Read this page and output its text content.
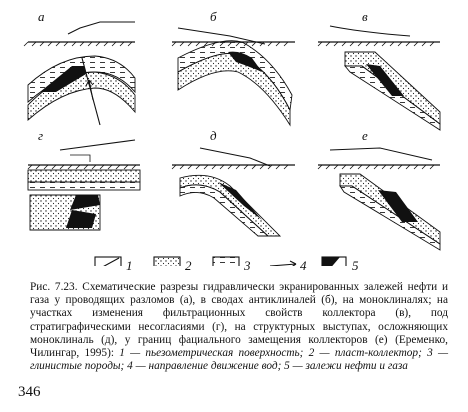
а	б	в
г	д	е
1	2	3	4	5
Рис. 7.23. Схематические разрезы гидравлически экранированных залежей нефти и газа у проводящих разломов (а), в сводах антиклиналей (б), на моноклиналях; на участках изменения фильтрационных свойств коллектора (в), под стратиграфическими несогласиями (г), на структурных выступах, осложняющих моноклиналь (д), у границ фациального замещения коллекторов (е) (Еременко, Чилингар, 1995): 1 — пьезометрическая поверхность; 2 — пласт-коллектор; 3 — глинистые породы; 4 — направление движение вод; 5 — залежи нефти и газа
346
